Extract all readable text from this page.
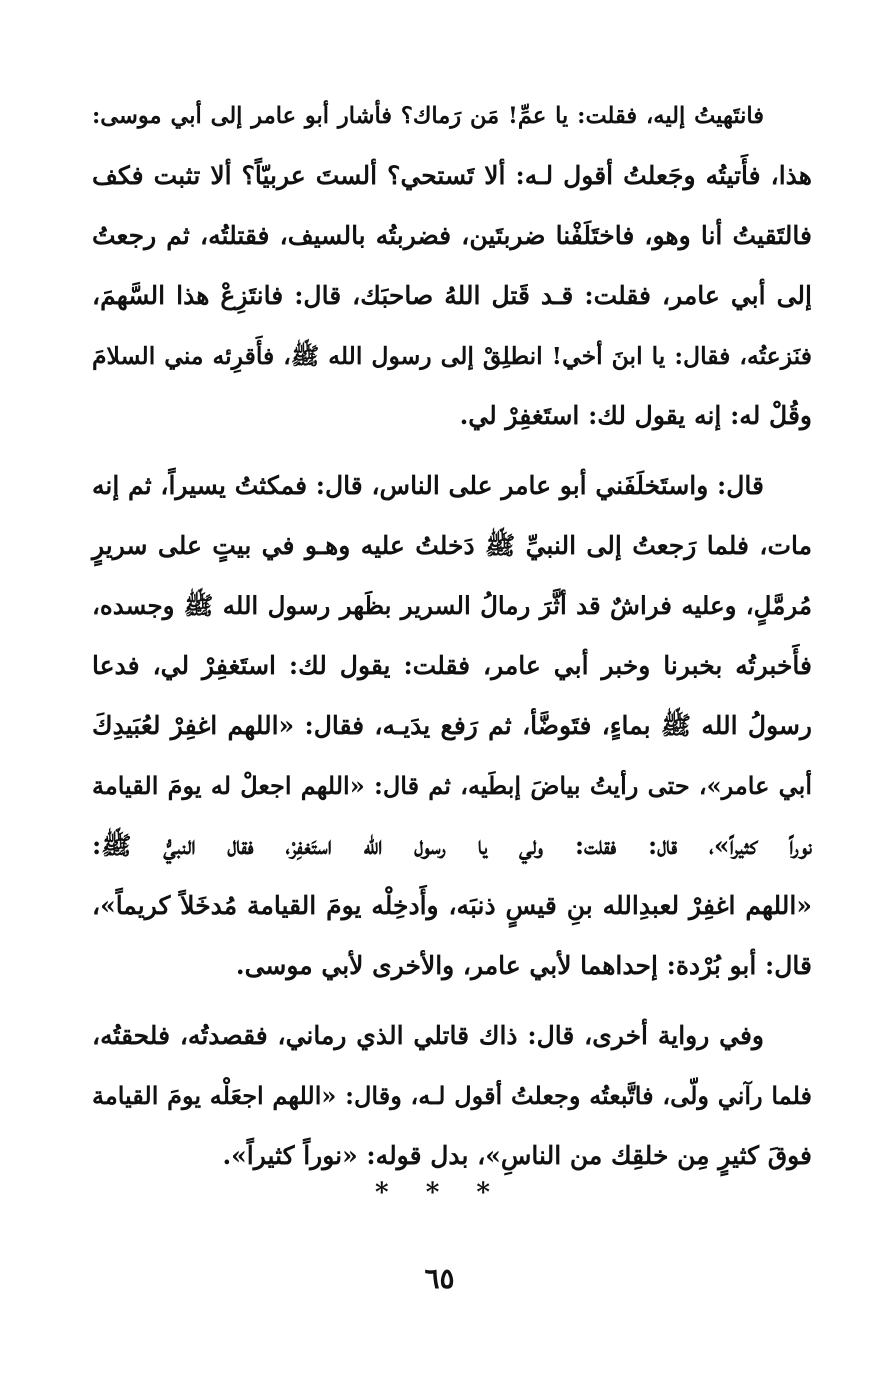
فانتَهيتُ إليه، فقلت: يا عمِّ! مَن رَماك؟ فأشار أبو عامر إلى أبي موسى:
هذا، فأَتيتُه وجَعلتُ أقول لـه: ألا تَستحي؟ ألستَ عربيّاً؟ ألا تثبت فكف
فالتَقيتُ أنا وهو، فاختَلَفْنا ضربتَين، فضربتُه بالسيف، فقتلتُه، ثم رجعتُ
إلى أبي عامر، فقلت: قـد قَتل اللهُ صاحبَك، قال: فانتَزِعْ هذا السَّهمَ،
فنَزعتُه، فقال: يا ابنَ أخي! انطلِقْ إلى رسول الله ﷺ، فأَقرِئه مني السلامَ
وقُلْ له: إنه يقول لك: استَغفِرْ لي.
قال: واستَخلَفَني أبو عامر على الناس، قال: فمكثتُ يسيراً، ثم إنه
مات، فلما رَجعتُ إلى النبيِّ ﷺ دَخلتُ عليه وهـو في بيتٍ على سريرٍ
مُرمَّلٍ، وعليه فراشٌ قد أثَّرَ رمالُ السرير بظَهر رسول الله ﷺ وجسده،
فأَخبرتُه بخبرنا وخبر أبي عامر، فقلت: يقول لك: استَغفِرْ لي، فدعا
رسولُ الله ﷺ بماءٍ، فتَوضَّأ، ثم رَفع يدَيـه، فقال: «اللهم اغفِرْ لعُبَيدِكَ
أبي عامر»، حتى رأيتُ بياضَ إبطَيه، ثم قال: «اللهم اجعلْ له يومَ القيامة
نوراً كثيراً»، قال: فقلت: ولي يا رسول الله استَغفِرْ، فقال النبيُّ ﷺ:
«اللهم اغفِرْ لعبدِالله بنِ قيسٍ ذنبَه، وأَدخِلْه يومَ القيامة مُدخَلاً كريماً»،
قال: أبو بُرْدة: إحداهما لأبي عامر، والأخرى لأبي موسى.
وفي رواية أخرى، قال: ذاك قاتلي الذي رماني، فقصدتُه، فلحقتُه،
فلما رآني ولّى، فاتَّبعتُه وجعلتُ أقول لـه، وقال: «اللهم اجعَلْه يومَ القيامة
فوقَ كثيرٍ مِن خلقِك من الناسِ»، بدل قوله: «نوراً كثيراً».
* * *
٦٥
